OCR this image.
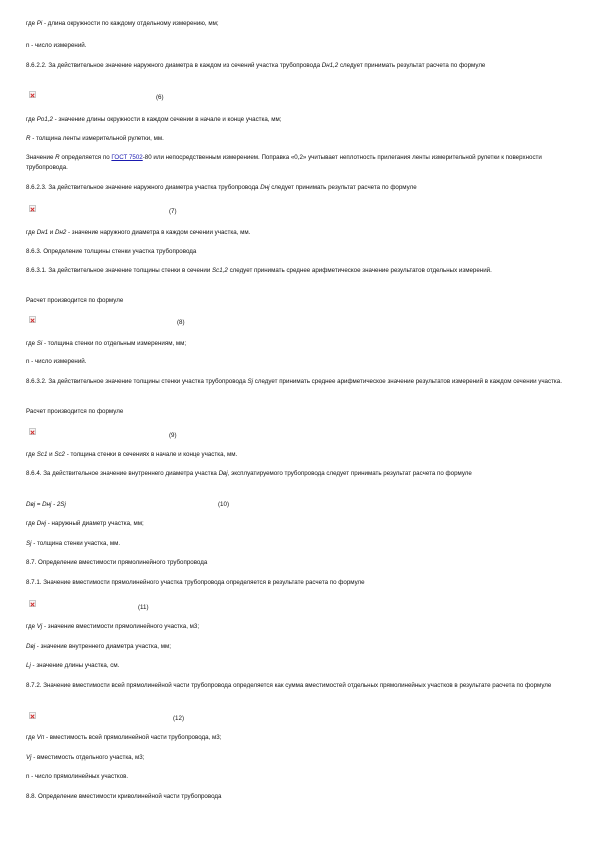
где Pi - длина окружности по каждому отдельному измерению, мм;

n - число измерений.

8.6.2.2. За действительное значение наружного диаметра в каждом из сечений участка трубопровода Dн1,2 следует принимать результат расчета по формуле

(6)

где Pо1,2 - значение длины окружности в каждом сечении в начале и конце участка, мм;

R - толщина ленты измерительной рулетки, мм.

Значение R определяется по ГОСТ 7502-80 или непосредственным измерением. Поправка «0,2» учитывает неплотность прилегания ленты измерительной рулетки к поверхности трубопровода.

8.6.2.3. За действительное значение наружного диаметра участка трубопровода Dнj следует принимать результат расчета по формуле

(7)

где Dн1 и Dн2 - значение наружного диаметра в каждом сечении участка, мм.

8.6.3. Определение толщины стенки участка трубопровода

8.6.3.1. За действительное значение толщины стенки в сечении Sс1,2 следует принимать среднее арифметическое значение результатов отдельных измерений.

Расчет производится по формуле

(8)

где Si - толщина стенки по отдельным измерениям, мм;

n - число измерений.

8.6.3.2. За действительное значение толщины стенки участка трубопровода Sj следует принимать среднее арифметическое значение результатов измерений в каждом сечении участка.

Расчет производится по формуле

(9)

где Sс1 и Sс2 - толщина стенки в сечениях в начале и конце участка, мм.

8.6.4. За действительное значение внутреннего диаметра участка Dвj, эксплуатируемого трубопровода следует принимать результат расчета по формуле

Dвj = Dнj - 2Sj	(10)

где Dнj - наружный диаметр участка, мм;

Sj - толщина стенки участка, мм.

8.7. Определение вместимости прямолинейного трубопровода

8.7.1. Значение вместимости прямолинейного участка трубопровода определяется в результате расчета по формуле

(11)

где Vj - значение вместимости прямолинейного участка, м3;

Dвj - значение внутреннего диаметра участка, мм;

Lj - значение длины участка, см.

8.7.2. Значение вместимости всей прямолинейной части трубопровода определяется как сумма вместимостей отдельных прямолинейных участков в результате расчета по формуле

(12)

где Vп - вместимость всей прямолинейной части трубопровода, м3;

Vj - вместимость отдельного участка, м3;

n - число прямолинейных участков.

8.8. Определение вместимости криволинейной части трубопровода
